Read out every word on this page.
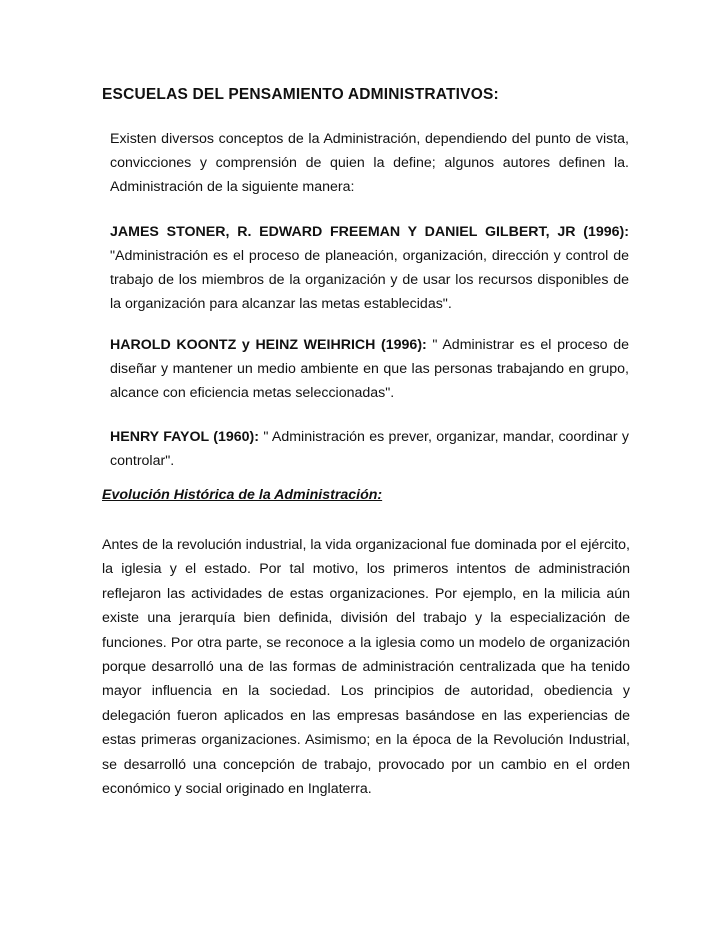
ESCUELAS DEL PENSAMIENTO ADMINISTRATIVOS:

Existen diversos conceptos de la Administración, dependiendo del punto de vista, convicciones y comprensión de quien la define; algunos autores definen la. Administración de la siguiente manera:

JAMES STONER, R. EDWARD FREEMAN Y DANIEL GILBERT, JR (1996): "Administración es el proceso de planeación, organización, dirección y control de trabajo de los miembros de la organización y de usar los recursos disponibles de la organización para alcanzar las metas establecidas".

HAROLD KOONTZ y HEINZ WEIHRICH (1996): " Administrar es el proceso de diseñar y mantener un medio ambiente en que las personas trabajando en grupo, alcance con eficiencia metas seleccionadas".

HENRY FAYOL (1960): " Administración es prever, organizar, mandar, coordinar y controlar".

Evolución Histórica de la Administración:

Antes de la revolución industrial, la vida organizacional fue dominada por el ejército, la iglesia y el estado. Por tal motivo, los primeros intentos de administración reflejaron las actividades de estas organizaciones. Por ejemplo, en la milicia aún existe una jerarquía bien definida, división del trabajo y la especialización de funciones. Por otra parte, se reconoce a la iglesia como un modelo de organización porque desarrolló una de las formas de administración centralizada que ha tenido mayor influencia en la sociedad. Los principios de autoridad, obediencia y delegación fueron aplicados en las empresas basándose en las experiencias de estas primeras organizaciones. Asimismo; en la época de la Revolución Industrial, se desarrolló una concepción de trabajo, provocado por un cambio en el orden económico y social originado en Inglaterra.
